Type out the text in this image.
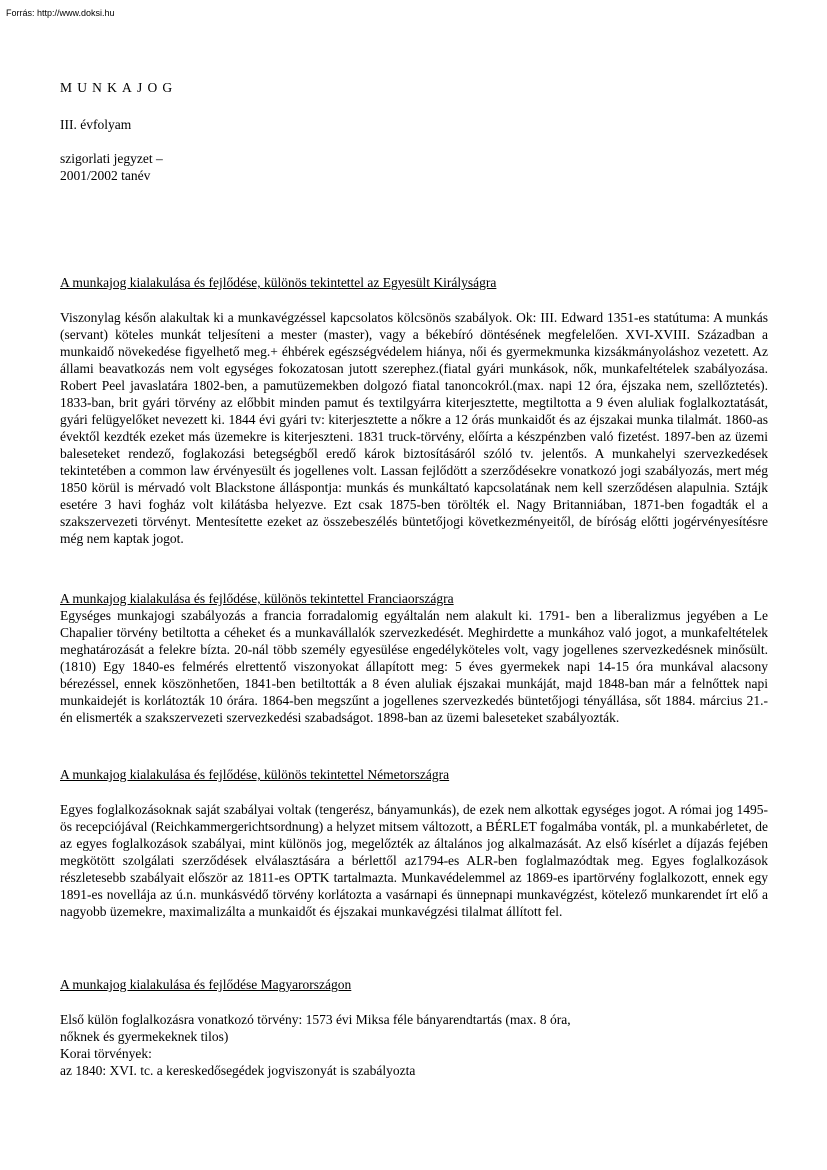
Forrás: http://www.doksi.hu
MUNKAJOG
III. évfolyam
szigorlati jegyzet –
2001/2002 tanév
A munkajog kialakulása és fejlődése, különös tekintettel az Egyesült Királyságra

Viszonylag későn alakultak ki a munkavégzéssel kapcsolatos kölcsönös szabályok. Ok: III. Edward 1351-es statútuma: A munkás (servant) köteles munkát teljesíteni a mester (master), vagy a békebíró döntésének megfelelően. XVI-XVIII. Században a munkaidő növekedése figyelhető meg.+ éhbérek egészségvédelem hiánya, női és gyermekmunka kizsákmányoláshoz vezetett. Az állami beavatkozás nem volt egységes fokozatosan jutott szerephez.(fiatal gyári munkások, nők, munkafeltételek szabályozása. Robert Peel javaslatára 1802-ben, a pamutüzemekben dolgozó fiatal tanoncokról.(max. napi 12 óra, éjszaka nem, szellőztetés). 1833-ban, brit gyári törvény az előbbit minden pamut és textilgyárra kiterjesztette, megtiltotta a 9 éven aluliak foglalkoztatását, gyári felügyelőket nevezett ki. 1844 évi gyári tv: kiterjesztette a nőkre a 12 órás munkaidőt és az éjszakai munka tilalmát. 1860-as évektől kezdték ezeket más üzemekre is kiterjeszteni. 1831 truck-törvény, előírta a készpénzben való fizetést. 1897-ben az üzemi baleseteket rendező, foglakozási betegségből eredő károk biztosításáról szóló tv. jelentős. A munkahelyi szervezkedések tekintetében a common law érvényesült és jogellenes volt. Lassan fejlődött a szerződésekre vonatkozó jogi szabályozás, mert még 1850 körül is mérvadó volt Blackstone álláspontja: munkás és munkáltató kapcsolatának nem kell szerződésen alapulnia. Sztájk esetére 3 havi fogház volt kilátásba helyezve. Ezt csak 1875-ben törölték el. Nagy Britanniában, 1871-ben fogadták el a szakszervezeti törvényt. Mentesítette ezeket az összebeszélés büntetőjogi következményeitől, de bíróság előtti jogérvényesítésre még nem kaptak jogot.

A munkajog kialakulása és fejlődése, különös tekintettel Franciaországra

Egységes munkajogi szabályozás a francia forradalomig egyáltalán nem alakult ki. 1791- ben a liberalizmus jegyében a Le Chapalier törvény betiltotta a céheket és a munkavállalók szervezkedését. Meghirdette a munkához való jogot, a munkafeltételek meghatározását a felekre bízta. 20-nál több személy egyesülése engedélyköteles volt, vagy jogellenes szervezkedésnek minősült.(1810) Egy 1840-es felmérés elrettentő viszonyokat állapított meg: 5 éves gyermekek napi 14-15 óra munkával alacsony bérezéssel, ennek köszönhetően, 1841-ben betiltották a 8 éven aluliak éjszakai munkáját, majd 1848-ban már a felnőttek napi munkaidejét is korlátozták 10 órára. 1864-ben megszűnt a jogellenes szervezkedés büntetőjogi tényállása, sőt 1884. március 21.-én elismerték a szakszervezeti szervezkedési szabadságot. 1898-ban az üzemi baleseteket szabályozták.

A munkajog kialakulása és fejlődése, különös tekintettel Németországra

Egyes foglalkozásoknak saját szabályai voltak (tengerész, bányamunkás), de ezek nem alkottak egységes jogot. A római jog 1495-ös recepciójával (Reichkammergerichtsordnung) a helyzet mitsem változott, a BÉRLET fogalmába vonták, pl. a munkabérletet, de az egyes foglalkozások szabályai, mint különös jog, megelőzték az általános jog alkalmazását. Az első kísérlet a díjazás fejében megkötött szolgálati szerződések elválasztására a bérlettől az1794-es ALR-ben foglalmazódtak meg. Egyes foglalkozások részletesebb szabályait először az 1811-es OPTK tartalmazta. Munkavédelemmel az 1869-es ipartörvény foglalkozott, ennek egy 1891-es novellája az ú.n. munkásvédő törvény korlátozta a vasárnapi és ünnepnapi munkavégzést, kötelező munkarendet írt elő a nagyobb üzemekre, maximalizálta a munkaidőt és éjszakai munkavégzési tilalmat állított fel.

A munkajog kialakulása és fejlődése Magyarországon
Első külön foglalkozásra vonatkozó törvény: 1573 évi Miksa féle bányarendtartás (max. 8 óra,
nőknek és gyermekeknek tilos)
Korai törvények:
az 1840: XVI. tc. a kereskedősegédek jogviszonyát is szabályozta
